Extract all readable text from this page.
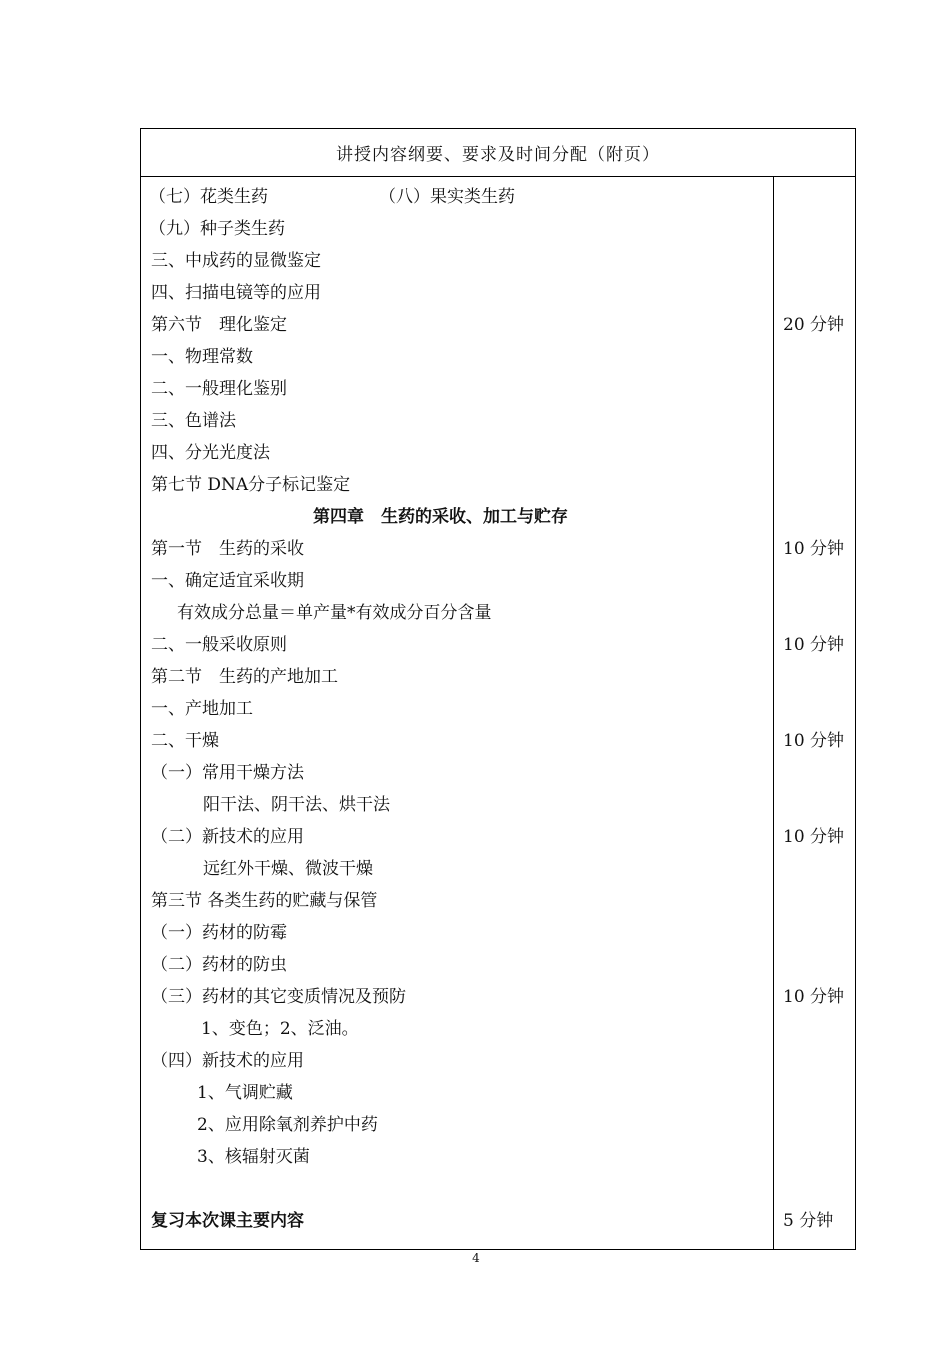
讲授内容纲要、要求及时间分配（附页）
（七）花类生药	（八）果实类生药
（九）种子类生药
三、中成药的显微鉴定
四、扫描电镜等的应用
第六节　理化鉴定
一、物理常数
二、一般理化鉴别
三、色谱法
四、分光光度法
第七节 DNA分子标记鉴定
第四章　生药的采收、加工与贮存
第一节　生药的采收
一、确定适宜采收期
有效成分总量＝单产量*有效成分百分含量
二、一般采收原则
第二节　生药的产地加工
一、产地加工
二、干燥
（一）常用干燥方法
阳干法、阴干法、烘干法
（二）新技术的应用
远红外干燥、微波干燥
第三节 各类生药的贮藏与保管
（一）药材的防霉
（二）药材的防虫
（三）药材的其它变质情况及预防
1、变色；2、泛油。
（四）新技术的应用
1、气调贮藏
2、应用除氧剂养护中药
3、核辐射灭菌
复习本次课主要内容
20 分钟
10 分钟
10 分钟
10 分钟
10 分钟
10 分钟
5 分钟
4
